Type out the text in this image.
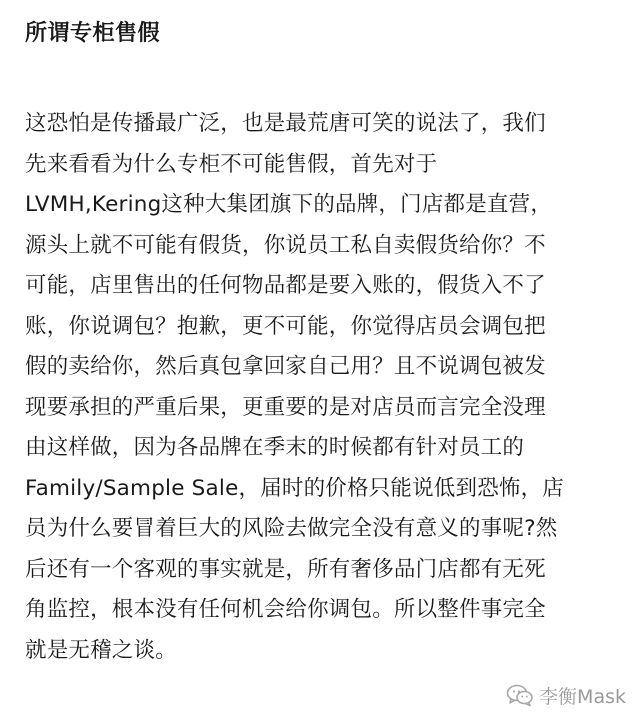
所谓专柜售假
这恐怕是传播最广泛，也是最荒唐可笑的说法了，我们
先来看看为什么专柜不可能售假，首先对于
LVMH,Kering这种大集团旗下的品牌，门店都是直营，
源头上就不可能有假货，你说员工私自卖假货给你？不
可能，店里售出的任何物品都是要入账的，假货入不了
账，你说调包？抱歉，更不可能，你觉得店员会调包把
假的卖给你，然后真包拿回家自己用？且不说调包被发
现要承担的严重后果，更重要的是对店员而言完全没理
由这样做，因为各品牌在季末的时候都有针对员工的
Family/Sample Sale，届时的价格只能说低到恐怖，店
员为什么要冒着巨大的风险去做完全没有意义的事呢?然
后还有一个客观的事实就是，所有奢侈品门店都有无死
角监控，根本没有任何机会给你调包。所以整件事完全
就是无稽之谈。
李衡Mask
